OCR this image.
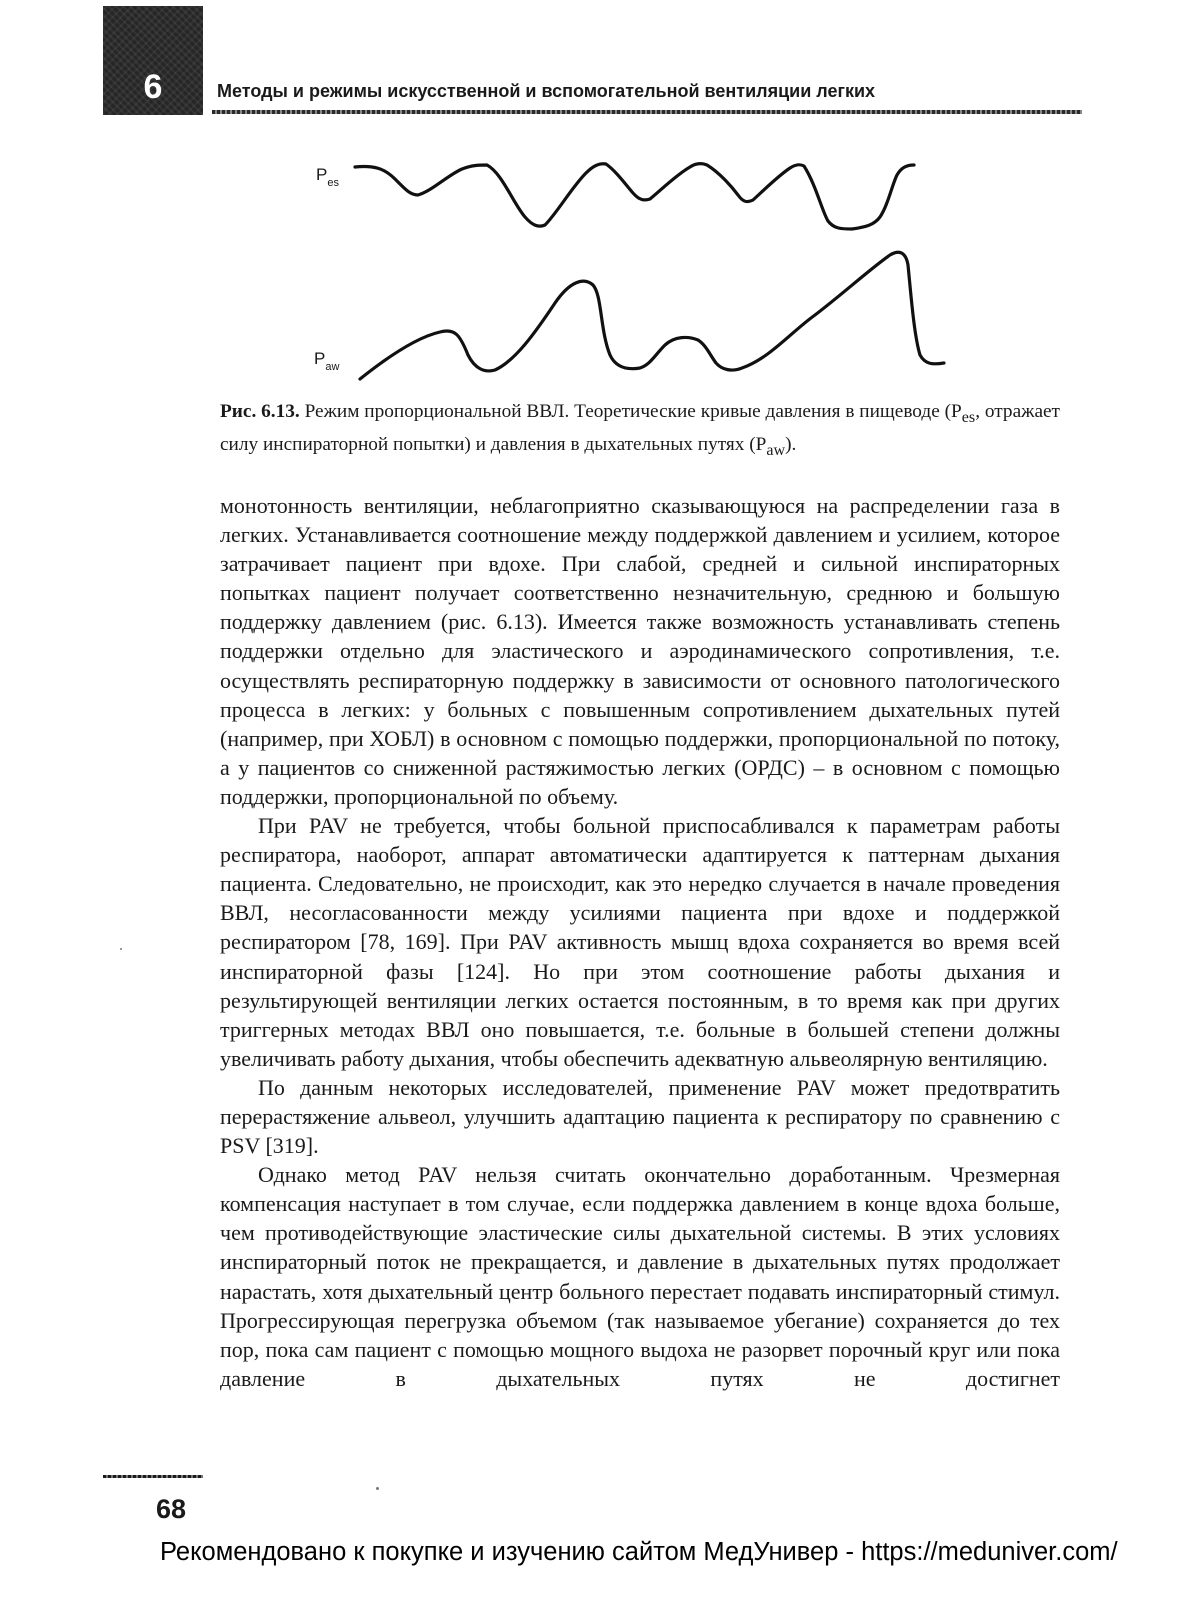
6	Методы и режимы искусственной и вспомогательной вентиляции легких
$P_{es}$
$P_{aw}$
Рис. 6.13. Режим пропорциональной ВВЛ. Теоретические кривые давления в пищеводе ($P_{es}$, отражает силу инспираторной попытки) и давления в дыхательных путях $(P_{aw})$.

монотонность вентиляции, неблагоприятно сказывающуюся на распределении газа в легких. Устанавливается соотношение между поддержкой давлением и усилием, которое затрачивает пациент при вдохе. При слабой, средней и сильной инспираторных попытках пациент получает соответственно незначительную, среднюю и большую поддержку давлением (рис. 6.13). Имеется также возможность устанавливать степень поддержки отдельно для эластического и аэродинамического сопротивления, т.е. осуществлять респираторную поддержку в зависимости от основного патологического процесса в легких: у больных с повышенным сопротивлением дыхательных путей (например, при ХОБЛ) в основном с помощью поддержки, пропорциональной по потоку, а у пациентов со сниженной растяжимостью легких (ОРДС) – в основном с помощью поддержки, пропорциональной по объему.

При PAV не требуется, чтобы больной приспосабливался к параметрам работы респиратора, наоборот, аппарат автоматически адаптируется к паттернам дыхания пациента. Следовательно, не происходит, как это нередко случается в начале проведения ВВЛ, несогласованности между усилиями пациента при вдохе и поддержкой респиратором [78, 169]. При PAV активность мышц вдоха сохраняется во время всей инспираторной фазы [124]. Но при этом соотношение работы дыхания и результирующей вентиляции легких остается постоянным, в то время как при других триггерных методах ВВЛ оно повышается, т.е. больные в большей степени должны увеличивать работу дыхания, чтобы обеспечить адекватную альвеолярную вентиляцию.

По данным некоторых исследователей, применение PAV может предотвратить перерастяжение альвеол, улучшить адаптацию пациента к респиратору по сравнению с PSV [319].

Однако метод PAV нельзя считать окончательно доработанным. Чрезмерная компенсация наступает в том случае, если поддержка давлением в конце вдоха больше, чем противодействующие эластические силы дыхательной системы. В этих условиях инспираторный поток не прекращается, и давление в дыхательных путях продолжает нарастать, хотя дыхательный центр больного перестает подавать инспираторный стимул. Прогрессирующая перегрузка объемом (так называемое убегание) сохраняется до тех пор, пока сам пациент с помощью мощного выдоха не разорвет порочный круг или пока давление в дыхательных путях не достигнет

68
Рекомендовано к покупке и изучению сайтом МедУнивер - https://meduniver.com/
